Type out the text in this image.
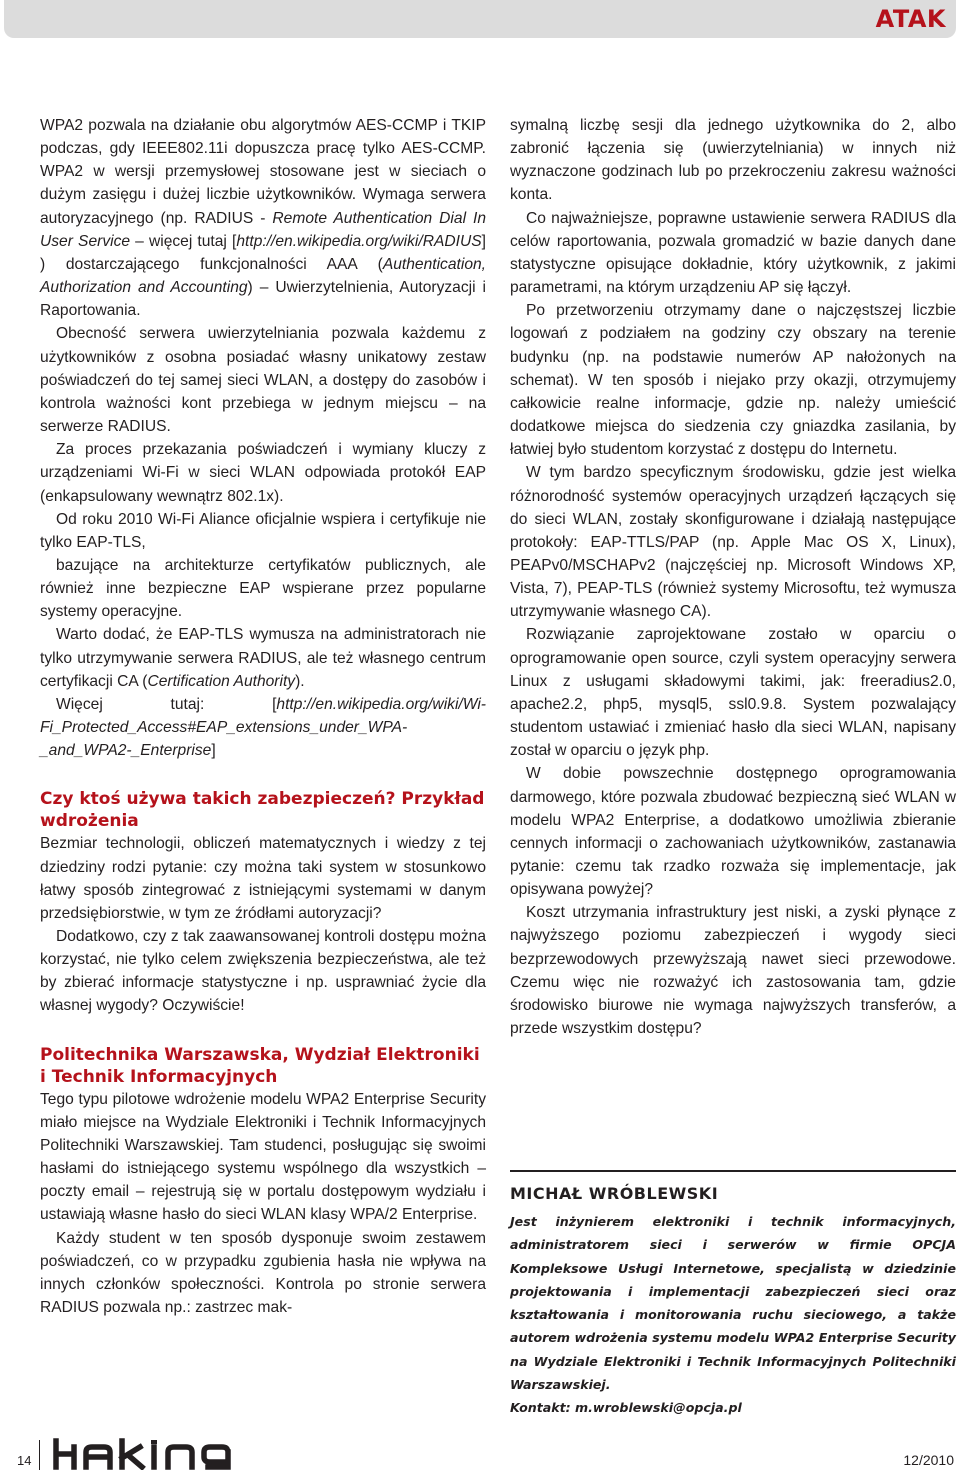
ATAK

WPA2 pozwala na działanie obu algorytmów AES-CCMP i TKIP podczas, gdy IEEE802.11i dopuszcza pracę tylko AES-CCMP. WPA2 w wersji przemysłowej stosowane jest w sieciach o dużym zasięgu i dużej liczbie użytkowników. Wymaga serwera autoryzacyjnego (np. RADIUS - Remote Authentication Dial In User Service – więcej tutaj [http://en.wikipedia.org/wiki/RADIUS] ) dostarczającego funkcjonalności AAA (Authentication, Authorization and Accounting) – Uwierzytelnienia, Autoryzacji i Raportowania.

Obecność serwera uwierzytelniania pozwala każdemu z użytkowników z osobna posiadać własny unikatowy zestaw poświadczeń do tej samej sieci WLAN, a dostępy do zasobów i kontrola ważności kont przebiega w jednym miejscu – na serwerze RADIUS.

Za proces przekazania poświadczeń i wymiany kluczy z urządzeniami Wi-Fi w sieci WLAN odpowiada protokół EAP (enkapsulowany wewnątrz 802.1x).

Od roku 2010 Wi-Fi Aliance oficjalnie wspiera i certyfikuje nie tylko EAP-TLS,

bazujące na architekturze certyfikatów publicznych, ale również inne bezpieczne EAP wspierane przez popularne systemy operacyjne.

Warto dodać, że EAP-TLS wymusza na administratorach nie tylko utrzymywanie serwera RADIUS, ale też własnego centrum certyfikacji CA (Certification Authority).

Więcej tutaj: [http://en.wikipedia.org/wiki/Wi-Fi_Protected_Access#EAP_extensions_under_WPA-_and_WPA2-_Enterprise]

Czy ktoś używa takich zabezpieczeń? Przykład wdrożenia

Bezmiar technologii, obliczeń matematycznych i wiedzy z tej dziedziny rodzi pytanie: czy można taki system w stosunkowo łatwy sposób zintegrować z istniejącymi systemami w danym przedsiębiorstwie, w tym ze źródłami autoryzacji?

Dodatkowo, czy z tak zaawansowanej kontroli dostępu można korzystać, nie tylko celem zwiększenia bezpieczeństwa, ale też by zbierać informacje statystyczne i np. usprawniać życie dla własnej wygody? Oczywiście!

Politechnika Warszawska, Wydział Elektroniki i Technik Informacyjnych

Tego typu pilotowe wdrożenie modelu WPA2 Enterprise Security miało miejsce na Wydziale Elektroniki i Technik Informacyjnych Politechniki Warszawskiej. Tam studenci, posługując się swoimi hasłami do istniejącego systemu wspólnego dla wszystkich – poczty email – rejestrują się w portalu dostępowym wydziału i ustawiają własne hasło do sieci WLAN klasy WPA/2 Enterprise.

Każdy student w ten sposób dysponuje swoim zestawem poświadczeń, co w przypadku zgubienia hasła nie wpływa na innych członków społeczności. Kontrola po stronie serwera RADIUS pozwala np.: zastrzec mak-

symalną liczbę sesji dla jednego użytkownika do 2, albo zabronić łączenia się (uwierzytelniania) w innych niż wyznaczone godzinach lub po przekroczeniu zakresu ważności konta.

Co najważniejsze, poprawne ustawienie serwera RADIUS dla celów raportowania, pozwala gromadzić w bazie danych dane statystyczne opisujące dokładnie, który użytkownik, z jakimi parametrami, na którym urządzeniu AP się łączył.

Po przetworzeniu otrzymamy dane o najczęstszej liczbie logowań z podziałem na godziny czy obszary na terenie budynku (np. na podstawie numerów AP nałożonych na schemat). W ten sposób i niejako przy okazji, otrzymujemy całkowicie realne informacje, gdzie np. należy umieścić dodatkowe miejsca do siedzenia czy gniazdka zasilania, by łatwiej było studentom korzystać z dostępu do Internetu.

W tym bardzo specyficznym środowisku, gdzie jest wielka różnorodność systemów operacyjnych urządzeń łączących się do sieci WLAN, zostały skonfigurowane i działają następujące protokoły: EAP-TTLS/PAP (np. Apple Mac OS X, Linux), PEAPv0/MSCHAPv2 (najczęściej np. Microsoft Windows XP, Vista, 7), PEAP-TLS (również systemy Microsoftu, też wymusza utrzymywanie własnego CA).

Rozwiązanie zaprojektowane zostało w oparciu o oprogramowanie open source, czyli system operacyjny serwera Linux z usługami składowymi takimi, jak: freeradius2.0, apache2.2, php5, mysql5, ssl0.9.8. System pozwalający studentom ustawiać i zmieniać hasło dla sieci WLAN, napisany został w oparciu o język php.

W dobie powszechnie dostępnego oprogramowania darmowego, które pozwala zbudować bezpieczną sieć WLAN w modelu WPA2 Enterprise, a dodatkowo umożliwia zbieranie cennych informacji o zachowaniach użytkowników, zastanawia pytanie: czemu tak rzadko rozważa się implementacje, jak opisywana powyżej?

Koszt utrzymania infrastruktury jest niski, a zyski płynące z najwyższego poziomu zabezpieczeń i wygody sieci bezprzewodowych przewyższają nawet sieci przewodowe. Czemu więc nie rozważyć ich zastosowania tam, gdzie środowisko biurowe nie wymaga najwyższych transferów, a przede wszystkim dostępu?

MICHAŁ WRÓBLEWSKI
Jest inżynierem elektroniki i technik informacyjnych, administratorem sieci i serwerów w firmie OPCJA Kompleksowe Usługi Internetowe, specjalistą w dziedzinie projektowania i implementacji zabezpieczeń sieci oraz kształtowania i monitorowania ruchu sieciowego, a także autorem wdrożenia systemu modelu WPA2 Enterprise Security na Wydziale Elektroniki i Technik Informacyjnych Politechniki Warszawskiej.
Kontakt: m.wroblewski@opcja.pl
14	12/2010
